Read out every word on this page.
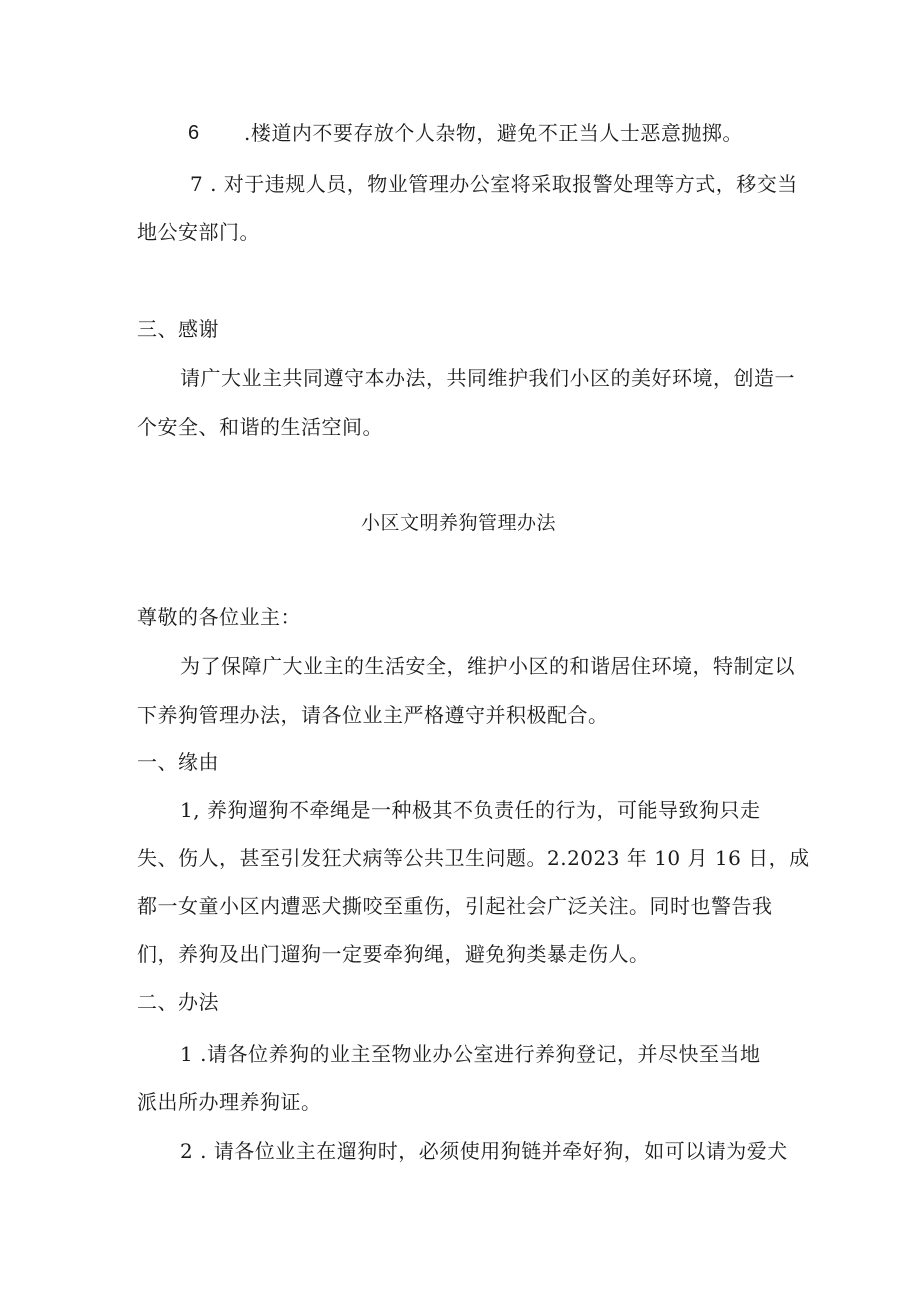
6 .楼道内不要存放个人杂物，避免不正当人士恶意抛掷。
7 . 对于违规人员，物业管理办公室将采取报警处理等方式，移交当
地公安部门。
三、感谢
请广大业主共同遵守本办法，共同维护我们小区的美好环境，创造一
个安全、和谐的生活空间。
小区文明养狗管理办法
尊敬的各位业主：
为了保障广大业主的生活安全，维护小区的和谐居住环境，特制定以
下养狗管理办法，请各位业主严格遵守并积极配合。
一、缘由
1, 养狗遛狗不牵绳是一种极其不负责任的行为，可能导致狗只走
失、伤人，甚至引发狂犬病等公共卫生问题。2.2023 年 10 月 16 日，成
都一女童小区内遭恶犬撕咬至重伤，引起社会广泛关注。同时也警告我
们，养狗及出门遛狗一定要牵狗绳，避免狗类暴走伤人。
二、办法
1 .请各位养狗的业主至物业办公室进行养狗登记，并尽快至当地
派出所办理养狗证。
2 . 请各位业主在遛狗时，必须使用狗链并牵好狗，如可以请为爱犬
